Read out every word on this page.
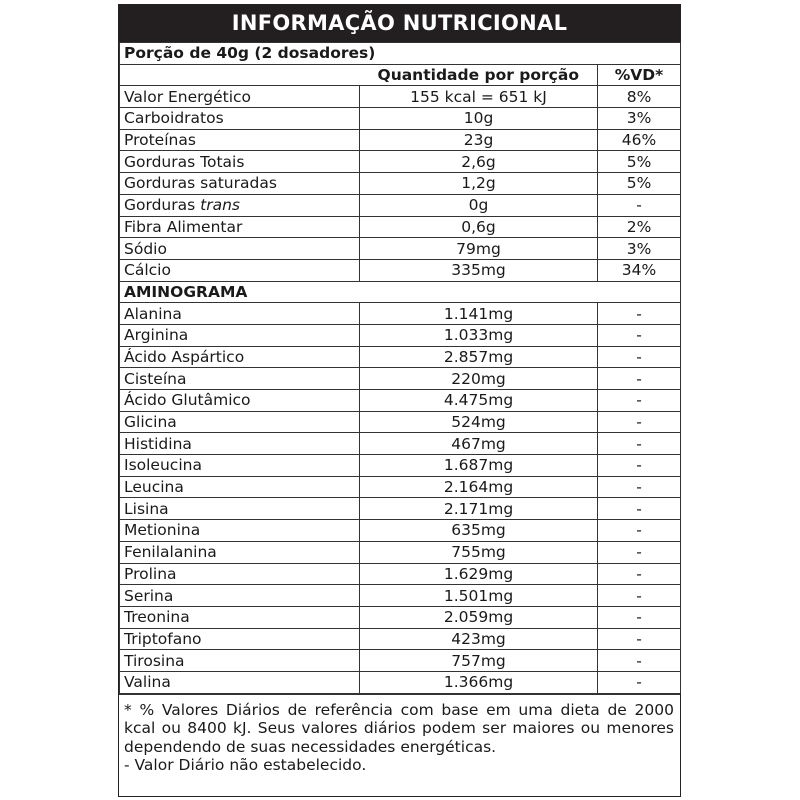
INFORMAÇÃO NUTRICIONAL
Porção de 40g (2 dosadores)		
	Quantidade por porção	%VD*
Valor Energético	155 kcal = 651 kJ	8%
Carboidratos	10g	3%
Proteínas	23g	46%
Gorduras Totais	2,6g	5%
Gorduras saturadas	1,2g	5%
Gorduras trans	0g	-
Fibra Alimentar	0,6g	2%
Sódio	79mg	3%
Cálcio	335mg	34%
AMINOGRAMA		
Alanina	1.141mg	-
Arginina	1.033mg	-
Ácido Aspártico	2.857mg	-
Cisteína	220mg	-
Ácido Glutâmico	4.475mg	-
Glicina	524mg	-
Histidina	467mg	-
Isoleucina	1.687mg	-
Leucina	2.164mg	-
Lisina	2.171mg	-
Metionina	635mg	-
Fenilalanina	755mg	-
Prolina	1.629mg	-
Serina	1.501mg	-
Treonina	2.059mg	-
Triptofano	423mg	-
Tirosina	757mg	-
Valina	1.366mg	-

* % Valores Diários de referência com base em uma dieta de 2000 kcal ou 8400 kJ. Seus valores diários podem ser maiores ou menores dependendo de suas necessidades energéticas.

- Valor Diário não estabelecido.
